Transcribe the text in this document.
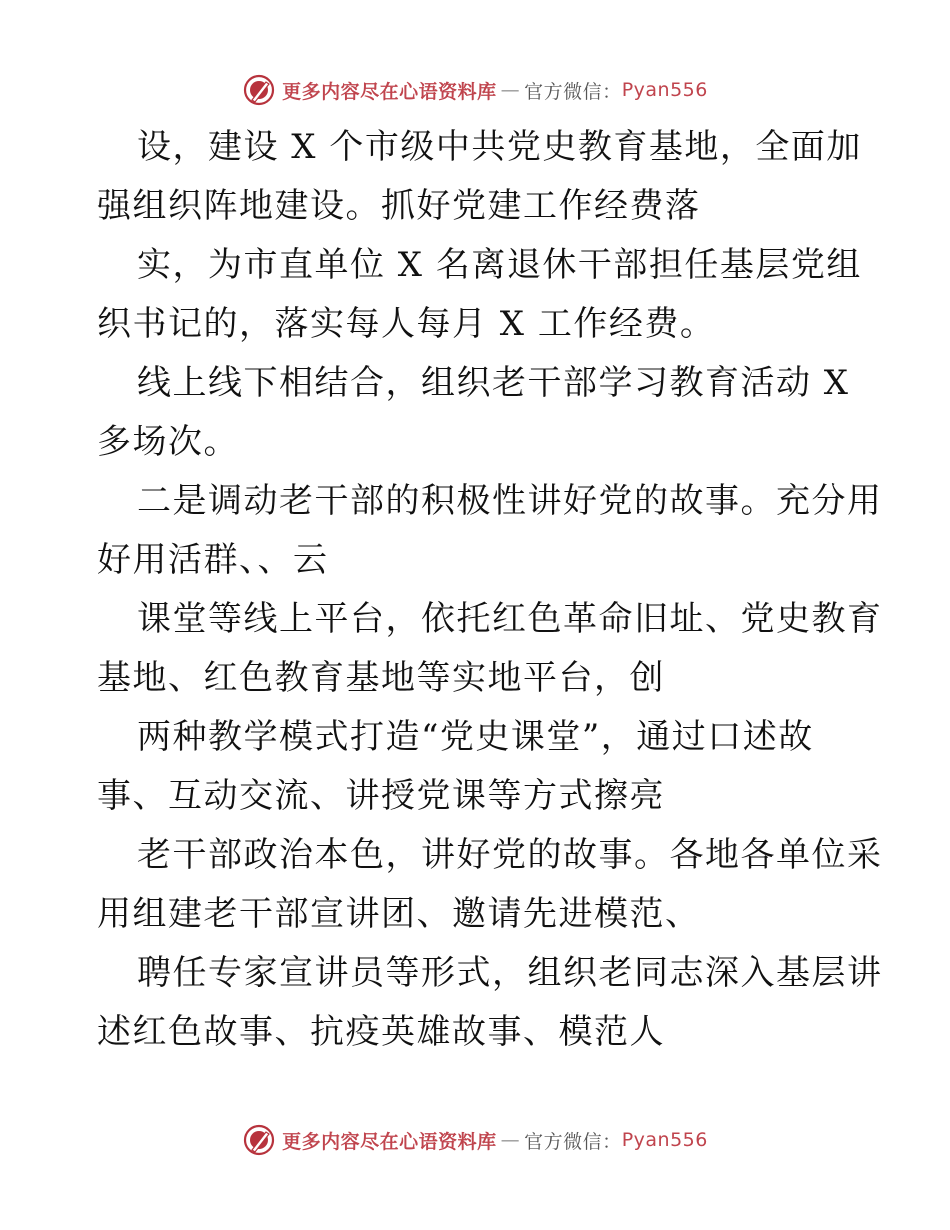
更多内容尽在心语资料库 — 官方微信： Pyan556
设，建设 X 个市级中共党史教育基地，全面加
强组织阵地建设。抓好党建工作经费落
实，为市直单位 X 名离退休干部担任基层党组
织书记的，落实每人每月 X 工作经费。
线上线下相结合，组织老干部学习教育活动 X
多场次。
二是调动老干部的积极性讲好党的故事。充分用
好用活群、、云
课堂等线上平台，依托红色革命旧址、党史教育
基地、红色教育基地等实地平台，创
两种教学模式打造“党史课堂”，通过口述故
事、互动交流、讲授党课等方式擦亮
老干部政治本色，讲好党的故事。各地各单位采
用组建老干部宣讲团、邀请先进模范、
聘任专家宣讲员等形式，组织老同志深入基层讲
述红色故事、抗疫英雄故事、模范人
更多内容尽在心语资料库 — 官方微信： Pyan556
